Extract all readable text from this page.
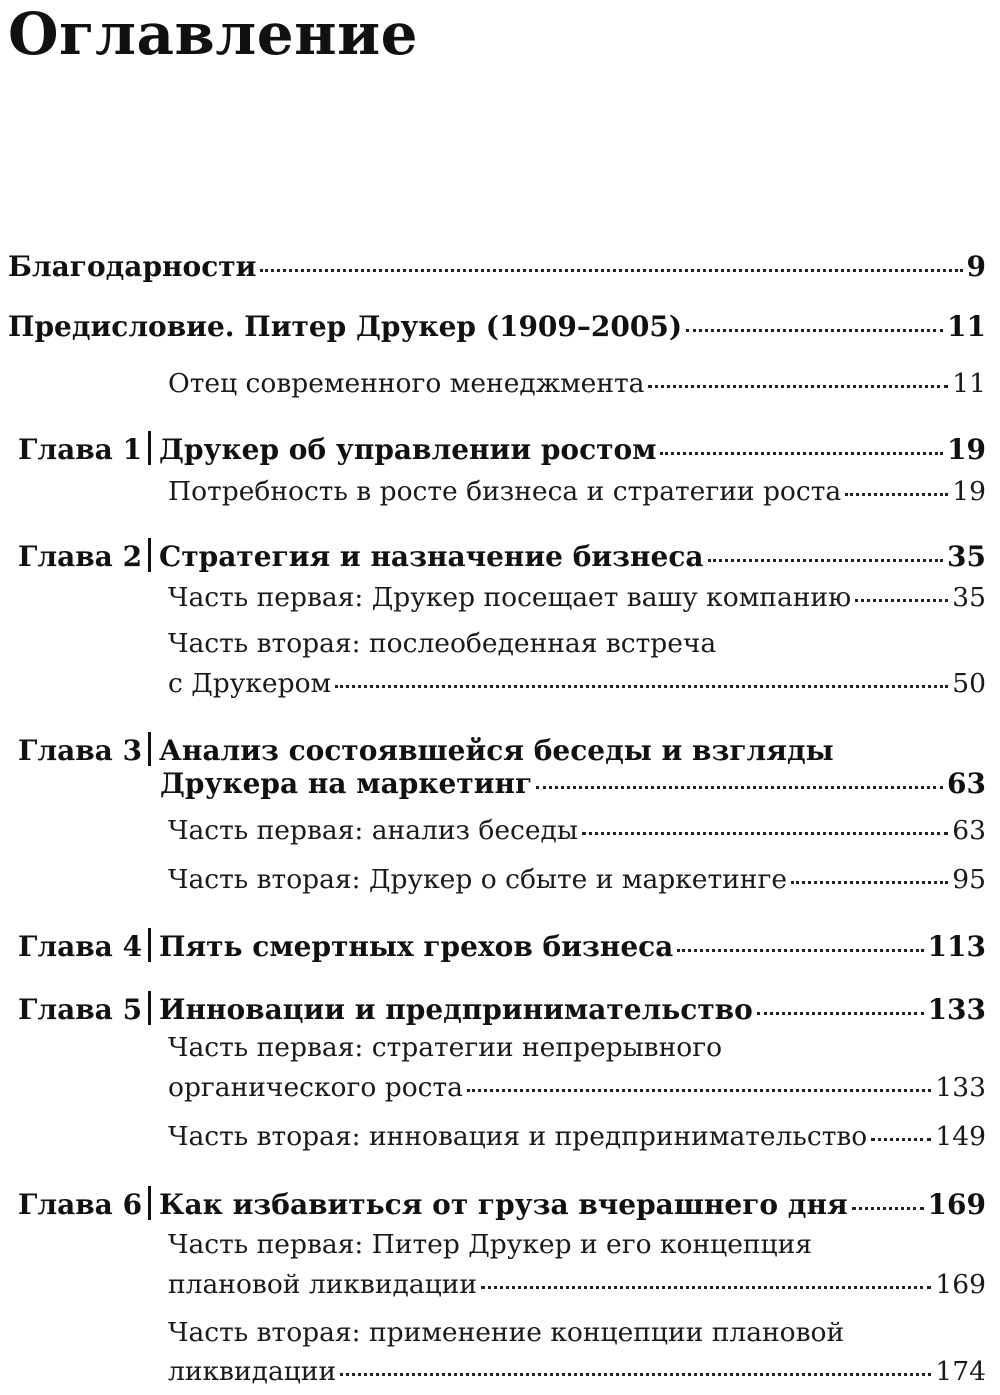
Оглавление
Благодарности	9
Предисловие. Питер Друкер (1909–2005)	11
Отец современного менеджмента	11
Глава 1 Друкер об управлении ростом	19
Потребность в росте бизнеса и стратегии роста	19
Глава 2 Стратегия и назначение бизнеса	35
Часть первая: Друкер посещает вашу компанию	35
Часть вторая: послеобеденная встреча
с Друкером	50
Глава 3 Анализ состоявшейся беседы и взгляды
Друкера на маркетинг	63
Часть первая: анализ беседы	63
Часть вторая: Друкер о сбыте и маркетинге	95
Глава 4 Пять смертных грехов бизнеса	113
Глава 5 Инновации и предпринимательство	133
Часть первая: стратегии непрерывного
органического роста	133
Часть вторая: инновация и предпринимательство	149
Глава 6 Как избавиться от груза вчерашнего дня	169
Часть первая: Питер Друкер и его концепция
плановой ликвидации	169
Часть вторая: применение концепции плановой
ликвидации	174
